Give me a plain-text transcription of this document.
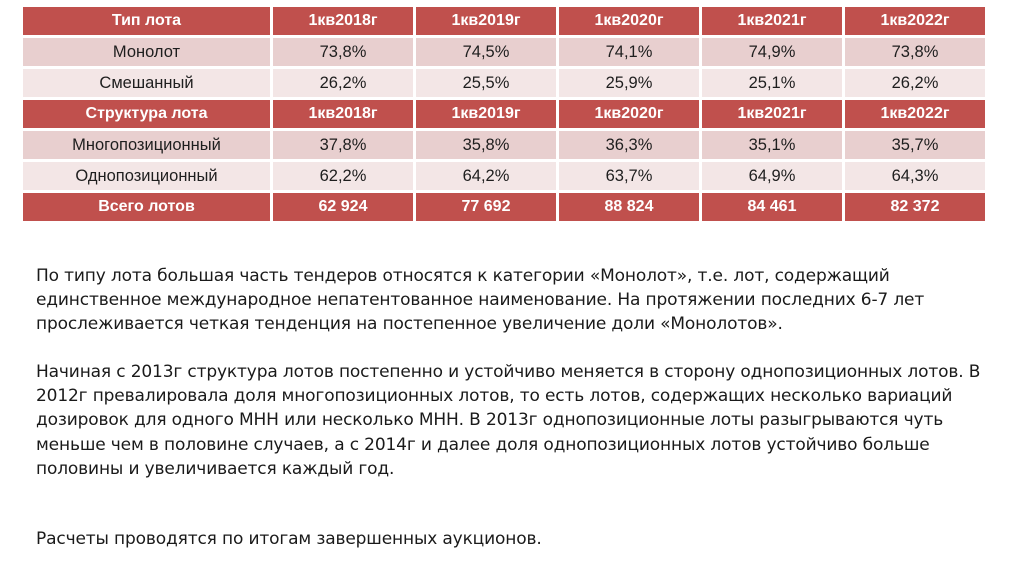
Тип лота	1кв2018г	1кв2019г	1кв2020г	1кв2021г	1кв2022г
Монолот	73,8%	74,5%	74,1%	74,9%	73,8%
Смешанный	26,2%	25,5%	25,9%	25,1%	26,2%
Структура лота	1кв2018г	1кв2019г	1кв2020г	1кв2021г	1кв2022г
Многопозиционный	37,8%	35,8%	36,3%	35,1%	35,7%
Однопозиционный	62,2%	64,2%	63,7%	64,9%	64,3%
Всего лотов	62 924	77 692	88 824	84 461	82 372

По типу лота большая часть тендеров относятся к категории «Монолот», т.е. лот, содержащий единственное международное непатентованное наименование. На протяжении последних 6-7 лет прослеживается четкая тенденция на постепенное увеличение доли «Монолотов».

Начиная с 2013г структура лотов постепенно и устойчиво меняется в сторону однопозиционных лотов. В 2012г превалировала доля многопозиционных лотов, то есть лотов, содержащих несколько вариаций дозировок для одного МНН или несколько МНН. В 2013г однопозиционные лоты разыгрываются чуть меньше чем в половине случаев, а с 2014г и далее доля однопозиционных лотов устойчиво больше половины и увеличивается каждый год.

Расчеты проводятся по итогам завершенных аукционов.
